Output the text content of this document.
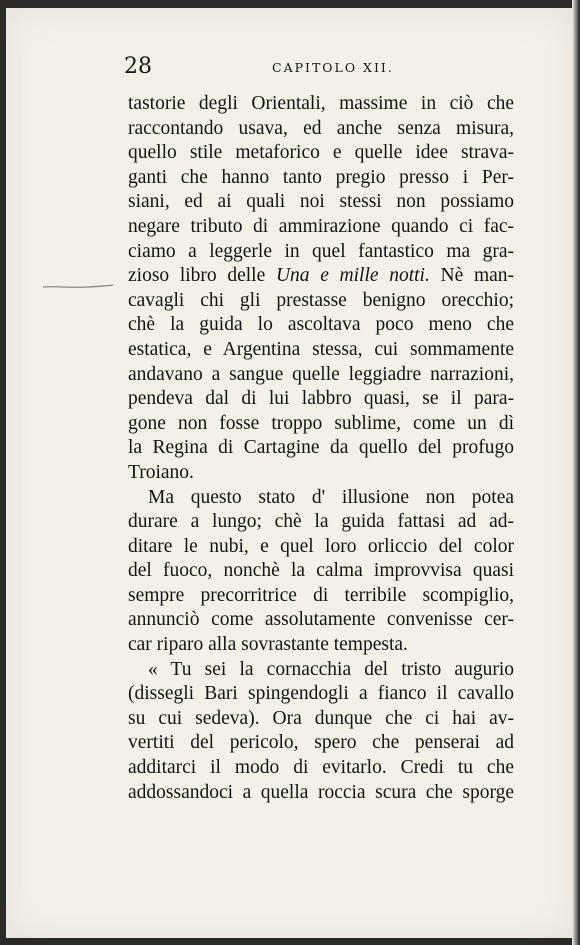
28	CAPITOLO XII.
tastorie degli Orientali, massime in ciò che
raccontando usava, ed anche senza misura,
quello stile metaforico e quelle idee strava-
ganti che hanno tanto pregio presso i Per-
siani, ed ai quali noi stessi non possiamo
negare tributo di ammirazione quando ci fac-
ciamo a leggerle in quel fantastico ma gra-
zioso libro delle Una e mille notti. Nè man-
cavagli chi gli prestasse benigno orecchio;
chè la guida lo ascoltava poco meno che
estatica, e Argentina stessa, cui sommamente
andavano a sangue quelle leggiadre narrazioni,
pendeva dal di lui labbro quasi, se il para-
gone non fosse troppo sublime, come un dì
la Regina di Cartagine da quello del profugo
Troiano.
Ma questo stato d' illusione non potea
durare a lungo; chè la guida fattasi ad ad-
ditare le nubi, e quel loro orliccio del color
del fuoco, nonchè la calma improvvisa quasi
sempre precorritrice di terribile scompiglio,
annunciò come assolutamente convenisse cer-
car riparo alla sovrastante tempesta.
« Tu sei la cornacchia del tristo augurio
(dissegli Bari spingendogli a fianco il cavallo
su cui sedeva). Ora dunque che ci hai av-
vertiti del pericolo, spero che penserai ad
additarci il modo di evitarlo. Credi tu che
addossandoci a quella roccia scura che sporge
